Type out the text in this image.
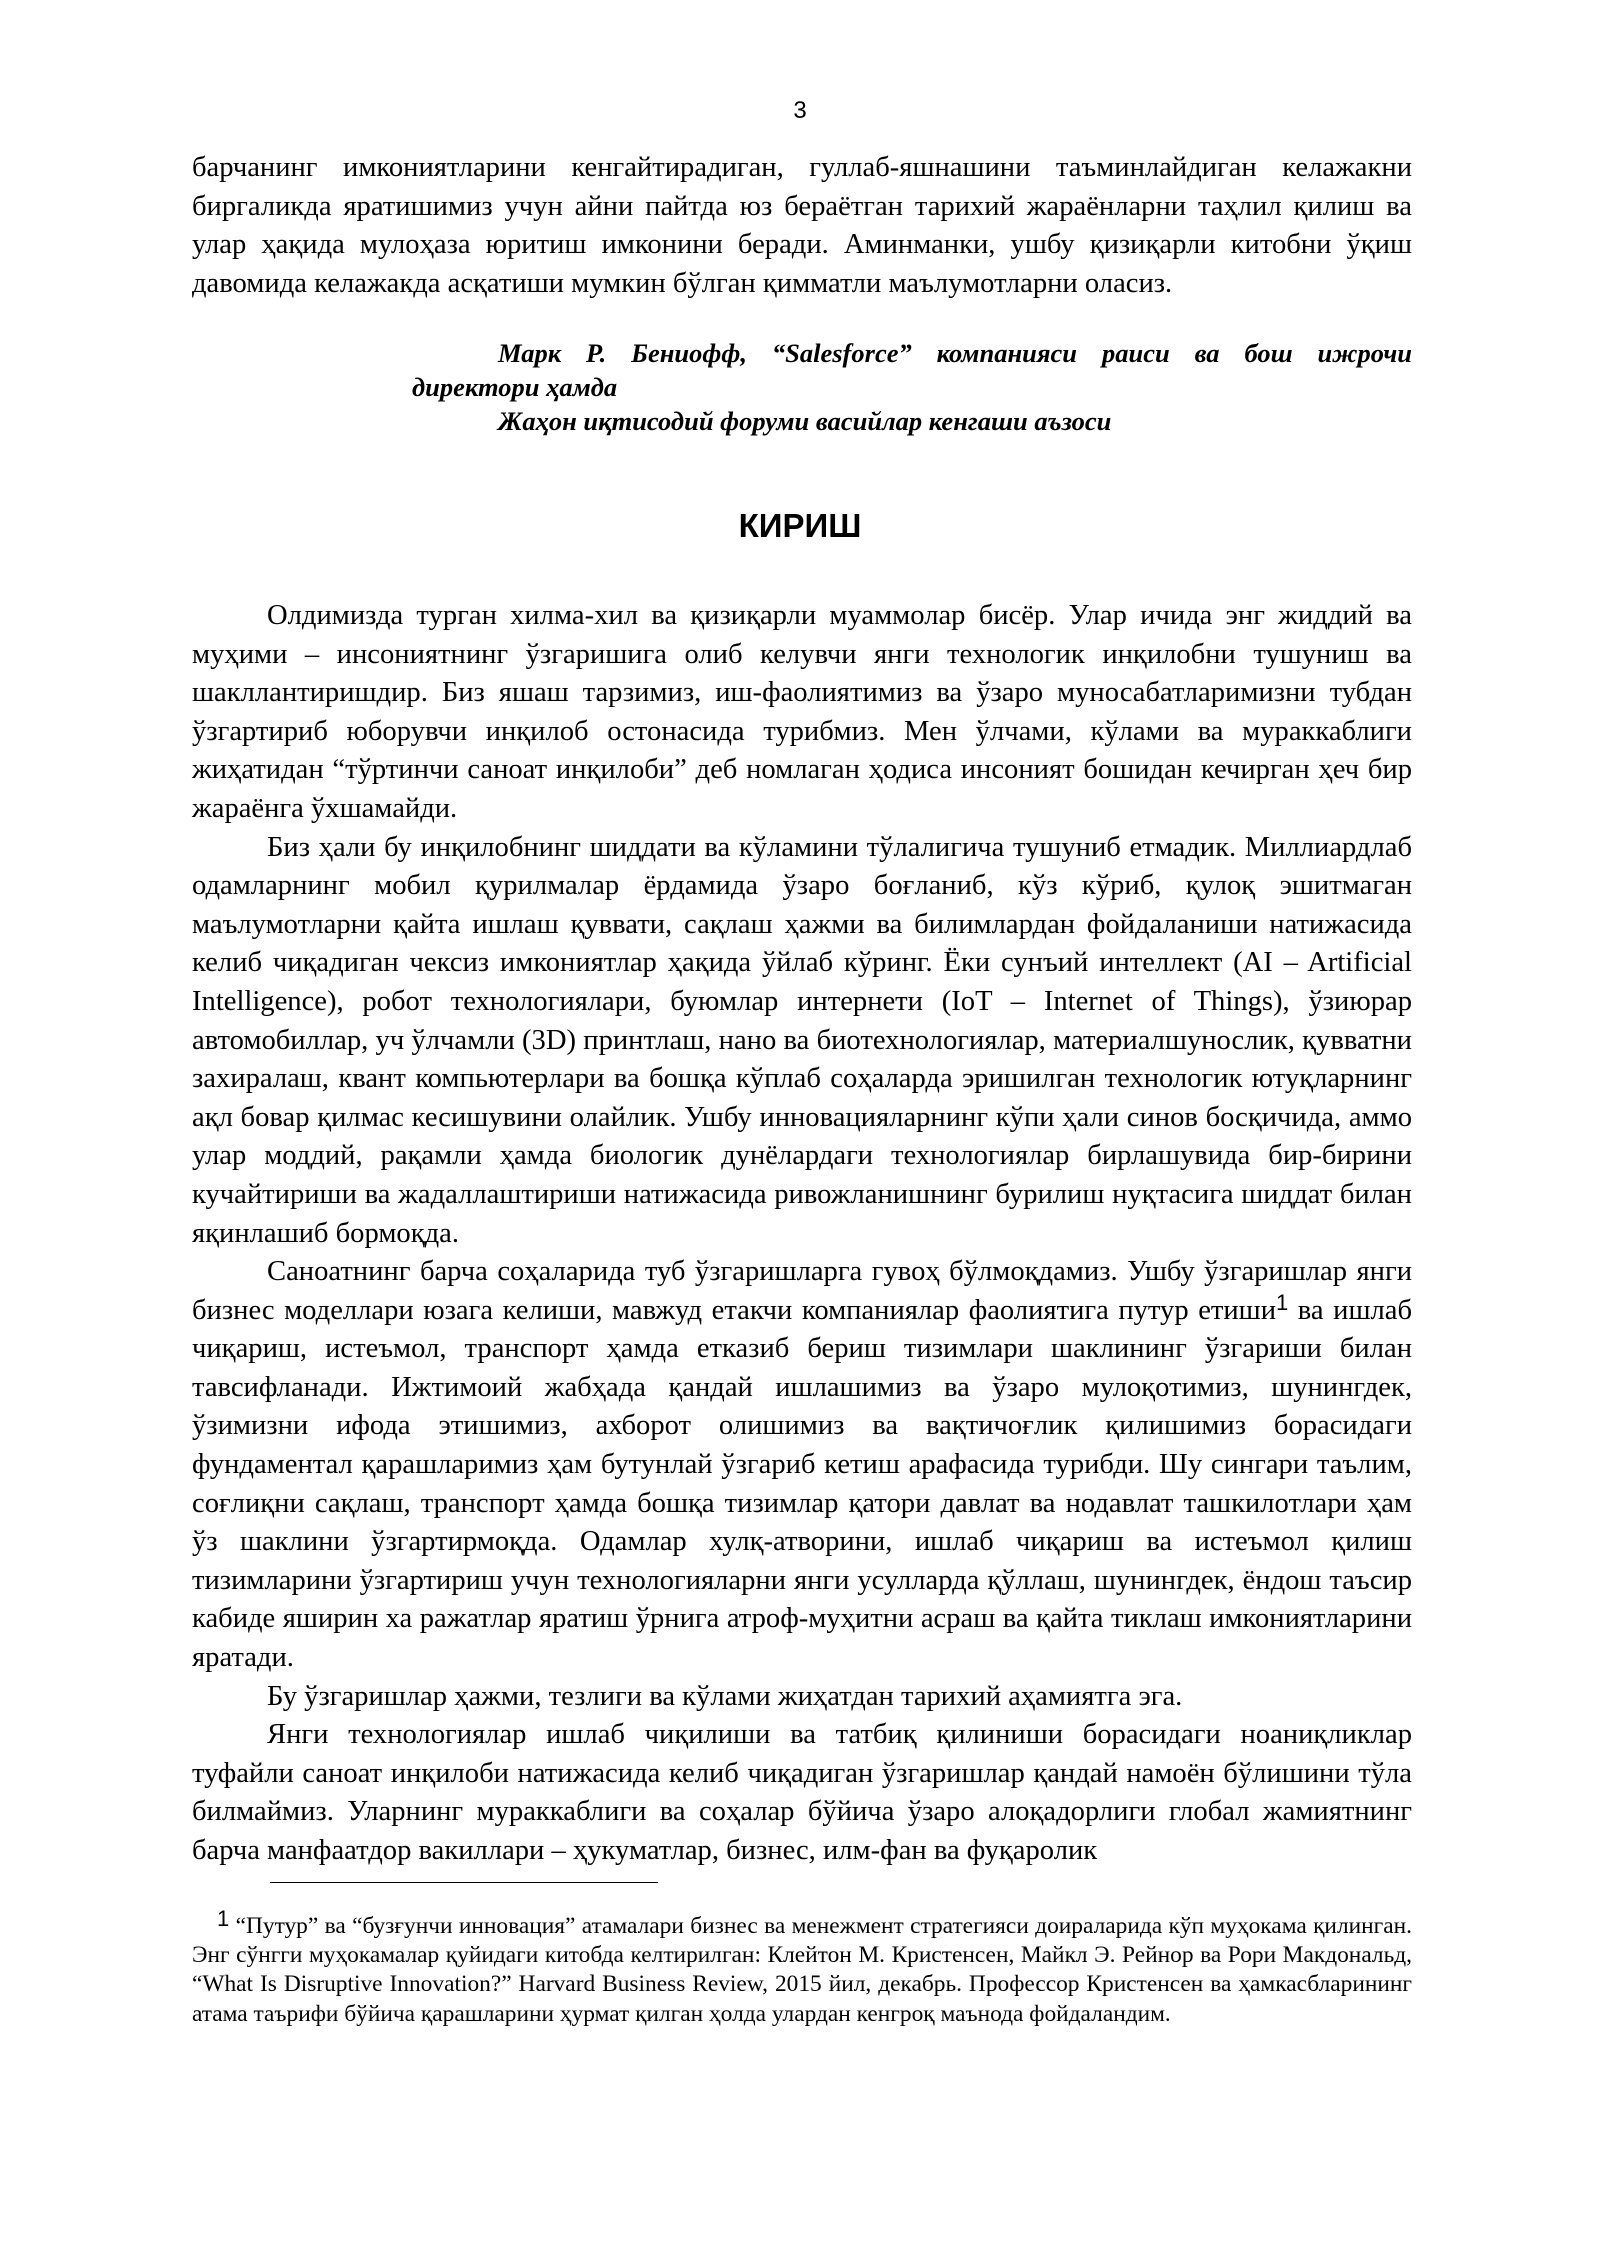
3

барчанинг имкониятларини кенгайтирадиган, гуллаб-яшнашини таъминлайдиган келажакни биргаликда яратишимиз учун айни пайтда юз бераётган тарихий жараёнларни таҳлил қилиш ва улар ҳақида мулоҳаза юритиш имконини беради. Аминманки, ушбу қизиқарли китобни ўқиш давомида келажакда асқатиши мумкин бўлган қимматли маълумотларни оласиз.

Марк Р. Бениофф, “Salesforce” компанияси раиси ва бош ижрочи
директори ҳамда
Жаҳон иқтисодий форуми васийлар кенгаши аъзоси
КИРИШ

Олдимизда турган хилма-хил ва қизиқарли муаммолар бисёр. Улар ичида энг жиддий ва муҳими – инсониятнинг ўзгаришига олиб келувчи янги технологик инқилобни тушуниш ва шакллантиришдир. Биз яшаш тарзимиз, иш-фаолиятимиз ва ўзаро муносабатларимизни тубдан ўзгартириб юборувчи инқилоб остонасида турибмиз. Мен ўлчами, кўлами ва мураккаблиги жиҳатидан “тўртинчи саноат инқилоби” деб номлаган ҳодиса инсоният бошидан кечирган ҳеч бир жараёнга ўхшамайди.

Биз ҳали бу инқилобнинг шиддати ва кўламини тўлалигича тушуниб етмадик. Миллиардлаб одамларнинг мобил қурилмалар ёрдамида ўзаро боғланиб, кўз кўриб, қулоқ эшитмаган маълумотларни қайта ишлаш қуввати, сақлаш ҳажми ва билимлардан фойдаланиши натижасида келиб чиқадиган чексиз имкониятлар ҳақида ўйлаб кўринг. Ёки сунъий интеллект (AI – Artificial Intelligence), робот технологиялари, буюмлар интернети (IoT – Internet of Things), ўзиюрар автомобиллар, уч ўлчамли (3D) принтлаш, нано ва биотехнологиялар, материалшунослик, қувватни захиралаш, квант компьютерлари ва бошқа кўплаб соҳаларда эришилган технологик ютуқларнинг ақл бовар қилмас кесишувини олайлик. Ушбу инновацияларнинг кўпи ҳали синов босқичида, аммо улар моддий, рақамли ҳамда биологик дунёлардаги технологиялар бирлашувида бир-бирини кучайтириши ва жадаллаштириши натижасида ривожланишнинг бурилиш нуқтасига шиддат билан яқинлашиб бормоқда.

Саноатнинг барча соҳаларида туб ўзгаришларга гувоҳ бўлмоқдамиз. Ушбу ўзгаришлар янги бизнес моделлари юзага келиши, мавжуд етакчи компаниялар фаолиятига путур етиши$^1$ ва ишлаб чиқариш, истеъмол, транспорт ҳамда етказиб бериш тизимлари шаклининг ўзгариши билан тавсифланади. Ижтимоий жабҳада қандай ишлашимиз ва ўзаро мулоқотимиз, шунингдек, ўзимизни ифода этишимиз, ахборот олишимиз ва вақтичоғлик қилишимиз борасидаги фундаментал қарашларимиз ҳам бутунлай ўзгариб кетиш арафасида турибди. Шу сингари таълим, соғлиқни сақлаш, транспорт ҳамда бошқа тизимлар қатори давлат ва нодавлат ташкилотлари ҳам ўз шаклини ўзгартирмоқда. Одамлар хулқ-атворини, ишлаб чиқариш ва истеъмол қилиш тизимларини ўзгартириш учун технологияларни янги усулларда қўллаш, шунингдек, ёндош таъсир кабиде яширин ха ражатлар яратиш ўрнига атроф-муҳитни асраш ва қайта тиклаш имкониятларини яратади.

Бу ўзгаришлар ҳажми, тезлиги ва кўлами жиҳатдан тарихий аҳамиятга эга.

Янги технологиялар ишлаб чиқилиши ва татбиқ қилиниши борасидаги ноаниқликлар туфайли саноат инқилоби натижасида келиб чиқадиган ўзгаришлар қандай намоён бўлишини тўла билмаймиз. Уларнинг мураккаблиги ва соҳалар бўйича ўзаро алоқадорлиги глобал жамиятнинг барча манфаатдор вакиллари – ҳукуматлар, бизнес, илм-фан ва фуқаролик

1 “Путур” ва “бузғунчи инновация” атамалари бизнес ва менежмент стратегияси доираларида кўп муҳокама қилинган. Энг сўнгги муҳокамалар қуйидаги китобда келтирилган: Клейтон М. Кристенсен, Майкл Э. Рейнор ва Рори Макдональд, “What Is Disruptive Innovation?” Harvard Business Review, 2015 йил, декабрь. Профессор Кристенсен ва ҳамкасбларининг атама таърифи бўйича қарашларини ҳурмат қилган ҳолда улардан кенгроқ маънода фойдаландим.
